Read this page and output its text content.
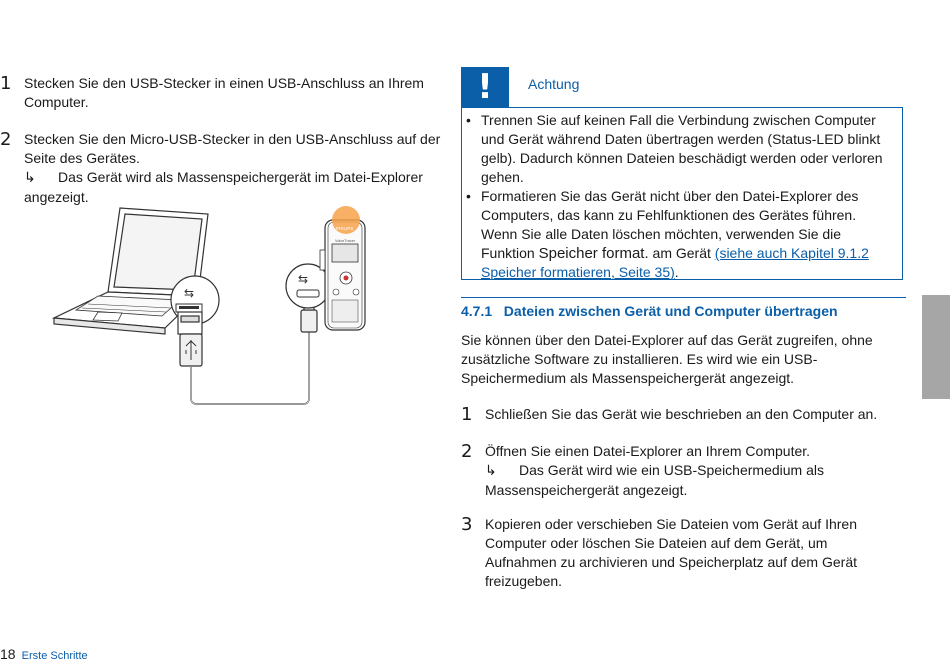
1 Stecken Sie den USB-Stecker in einen USB-Anschluss an Ihrem Computer.
2 Stecken Sie den Micro-USB-Stecker in den USB-Anschluss auf der Seite des Gerätes.
↳ Das Gerät wird als Massenspeichergerät im Datei-Explorer angezeigt.
⇆
⇆
PHILIPS
VoiceTracer
!	Achtung
• Trennen Sie auf keinen Fall die Verbindung zwischen Computer und Gerät während Daten übertragen werden (Status-LED blinkt gelb). Dadurch können Dateien beschädigt werden oder verloren gehen.
• Formatieren Sie das Gerät nicht über den Datei-Explorer des Computers, das kann zu Fehlfunktionen des Gerätes führen. Wenn Sie alle Daten löschen möchten, verwenden Sie die Funktion Speicher format. am Gerät (siehe auch Kapitel 9.1.2 Speicher formatieren, Seite 35).
4.7.1   Dateien zwischen Gerät und Computer übertragen
Sie können über den Datei-Explorer auf das Gerät zugreifen, ohne zusätzliche Software zu installieren. Es wird wie ein USB-Speichermedium als Massenspeichergerät angezeigt.
1 Schließen Sie das Gerät wie beschrieben an den Computer an.
2 Öffnen Sie einen Datei-Explorer an Ihrem Computer.
↳ Das Gerät wird wie ein USB-Speichermedium als Massenspeichergerät angezeigt.
3 Kopieren oder verschieben Sie Dateien vom Gerät auf Ihren Computer oder löschen Sie Dateien auf dem Gerät, um Aufnahmen zu archivieren und Speicherplatz auf dem Gerät freizugeben.
18 Erste Schritte
